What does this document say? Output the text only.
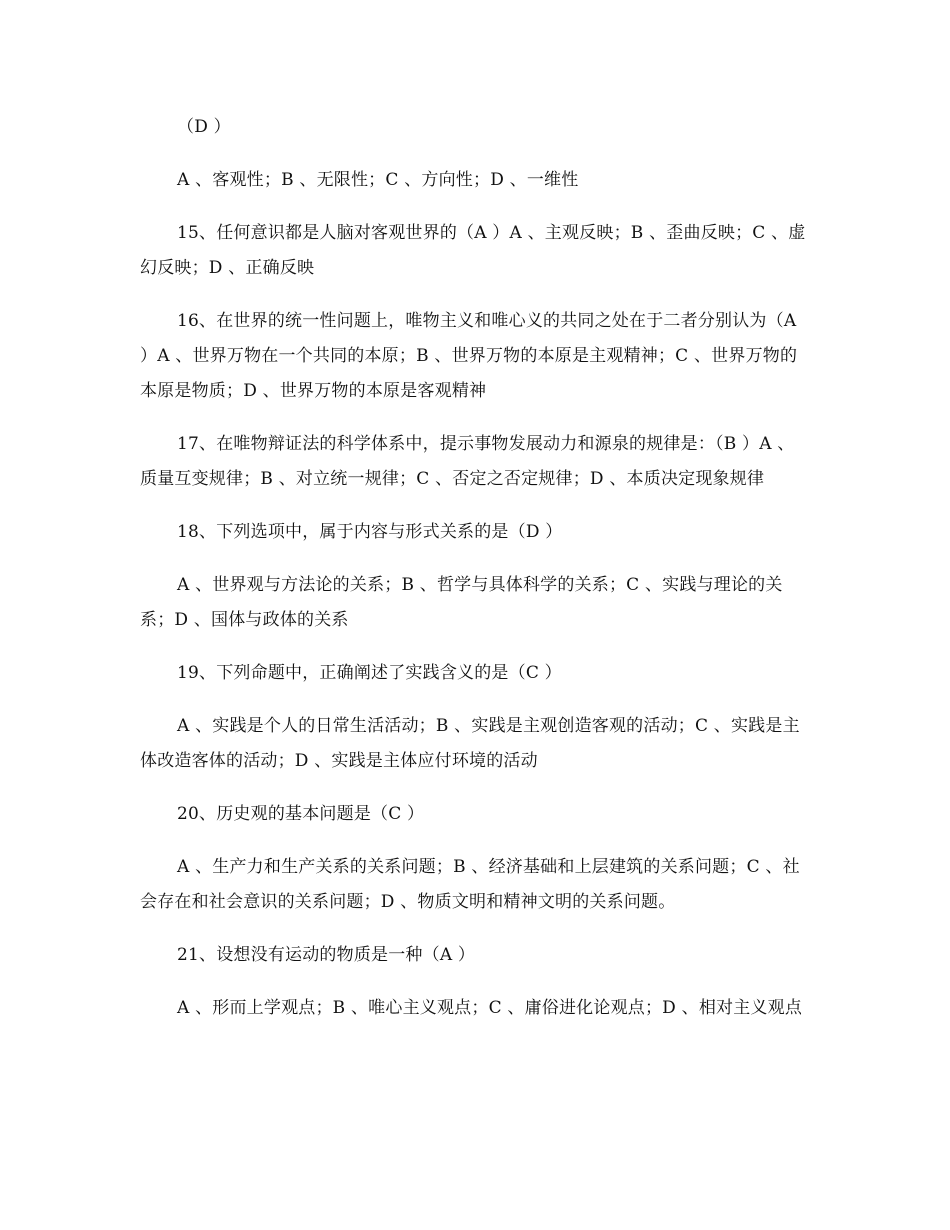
（D ）

A 、客观性；B 、无限性；C 、方向性；D 、一维性

15、任何意识都是人脑对客观世界的（A ）A 、主观反映；B 、歪曲反映；C 、虚幻反映；D 、正确反映

16、在世界的统一性问题上，唯物主义和唯心义的共同之处在于二者分别认为（A ）A 、世界万物在一个共同的本原；B 、世界万物的本原是主观精神；C 、世界万物的本原是物质；D 、世界万物的本原是客观精神

17、在唯物辩证法的科学体系中，提示事物发展动力和源泉的规律是：（B ）A 、质量互变规律；B 、对立统一规律；C 、否定之否定规律；D 、本质决定现象规律

18、下列选项中，属于内容与形式关系的是（D ）

A 、世界观与方法论的关系；B 、哲学与具体科学的关系；C 、实践与理论的关系；D 、国体与政体的关系

19、下列命题中，正确阐述了实践含义的是（C ）

A 、实践是个人的日常生活活动；B 、实践是主观创造客观的活动；C 、实践是主体改造客体的活动；D 、实践是主体应付环境的活动

20、历史观的基本问题是（C ）

A 、生产力和生产关系的关系问题；B 、经济基础和上层建筑的关系问题；C 、社会存在和社会意识的关系问题；D 、物质文明和精神文明的关系问题。

21、设想没有运动的物质是一种（A ）

A 、形而上学观点；B 、唯心主义观点；C 、庸俗进化论观点；D 、相对主义观点
